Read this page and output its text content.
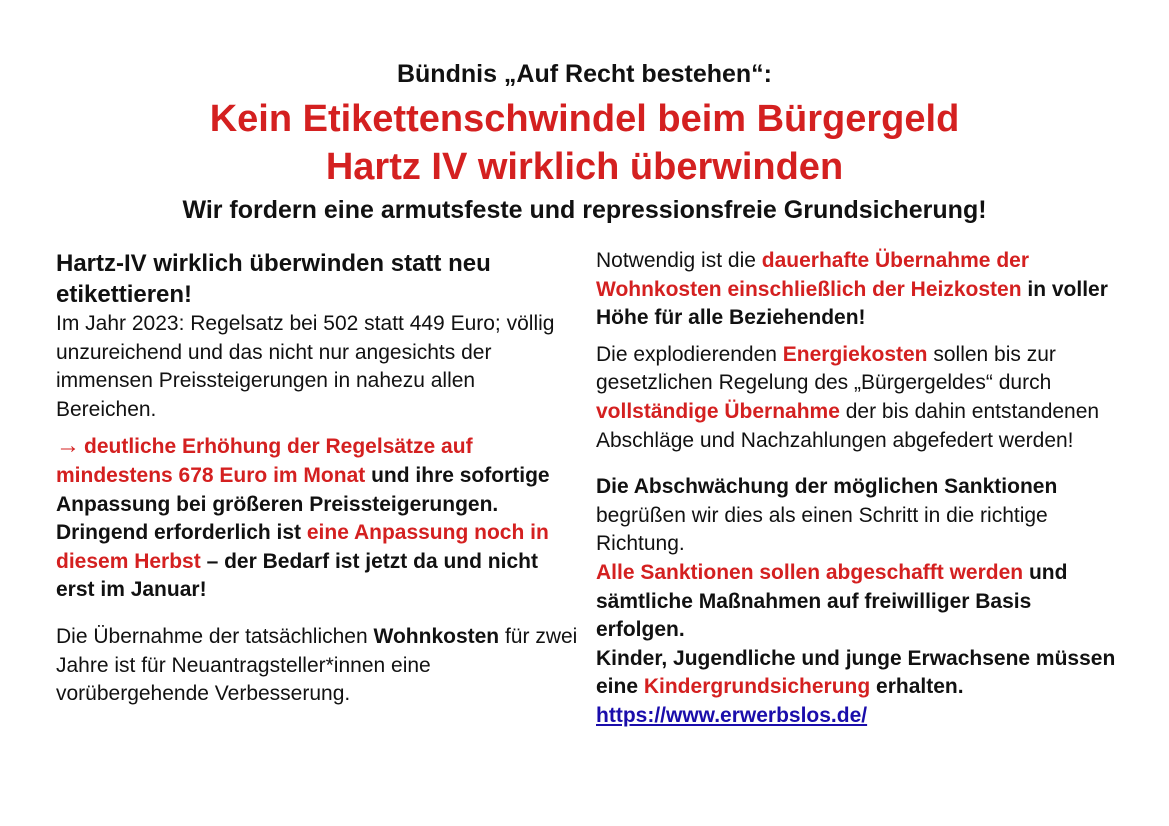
Bündnis „Auf Recht bestehen“:
Kein Etikettenschwindel beim Bürgergeld
Hartz IV wirklich überwinden
Wir fordern eine armutsfeste und repressionsfreie Grundsicherung!

Hartz-IV wirklich überwinden statt neu etikettieren!

Im Jahr 2023: Regelsatz bei 502 statt 449 Euro; völlig unzureichend und das nicht nur angesichts der immensen Preissteigerungen in nahezu allen Bereichen.

→ deutliche Erhöhung der Regelsätze auf mindestens 678 Euro im Monat und ihre sofortige Anpassung bei größeren Preissteigerungen.

Dringend erforderlich ist eine Anpassung noch in diesem Herbst – der Bedarf ist jetzt da und nicht erst im Januar!

Die Übernahme der tatsächlichen Wohnkosten für zwei Jahre ist für Neuantragsteller*innen eine vorübergehende Verbesserung.

Notwendig ist die dauerhafte Übernahme der Wohnkosten einschließlich der Heizkosten in voller Höhe für alle Beziehenden!

Die explodierenden Energiekosten sollen bis zur gesetzlichen Regelung des „Bürgergeldes“ durch vollständige Übernahme der bis dahin entstandenen Abschläge und Nachzahlungen abgefedert werden!

Die Abschwächung der möglichen Sanktionen begrüßen wir dies als einen Schritt in die richtige Richtung.

Alle Sanktionen sollen abgeschafft werden und sämtliche Maßnahmen auf freiwilliger Basis erfolgen.

Kinder, Jugendliche und junge Erwachsene müssen eine Kindergrundsicherung erhalten. https://www.erwerbslos.de/
